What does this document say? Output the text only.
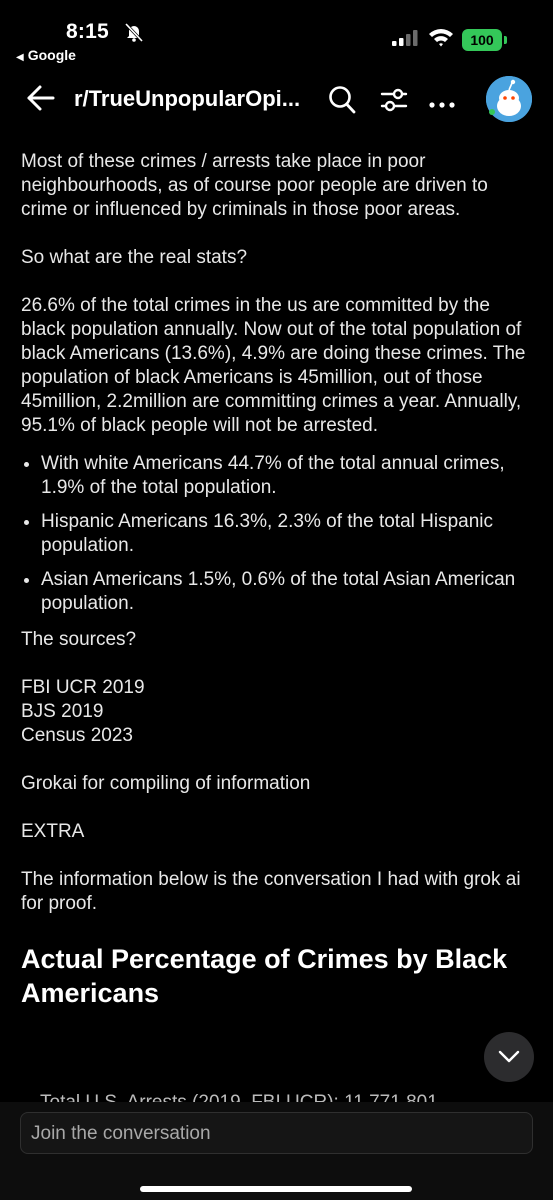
8:15
◀ Google
100
r/TrueUnpopularOpi...

Most of these crimes / arrests take place in poor neighbourhoods, as of course poor people are driven to crime or influenced by criminals in those poor areas.

So what are the real stats?

26.6% of the total crimes in the us are committed by the black population annually. Now out of the total population of black Americans (13.6%), 4.9% are doing these crimes. The population of black Americans is 45million, out of those 45million, 2.2million are committing crimes a year. Annually, 95.1% of black people will not be arrested.

• With white Americans 44.7% of the total annual crimes, 1.9% of the total population.
• Hispanic Americans 16.3%, 2.3% of the total Hispanic population.
• Asian Americans 1.5%, 0.6% of the total Asian American population.

The sources?

FBI UCR 2019
BJS 2019
Census 2023

Grokai for compiling of information

EXTRA

The information below is the conversation I had with grok ai for proof.

Actual Percentage of Crimes by Black Americans
Join the conversation
